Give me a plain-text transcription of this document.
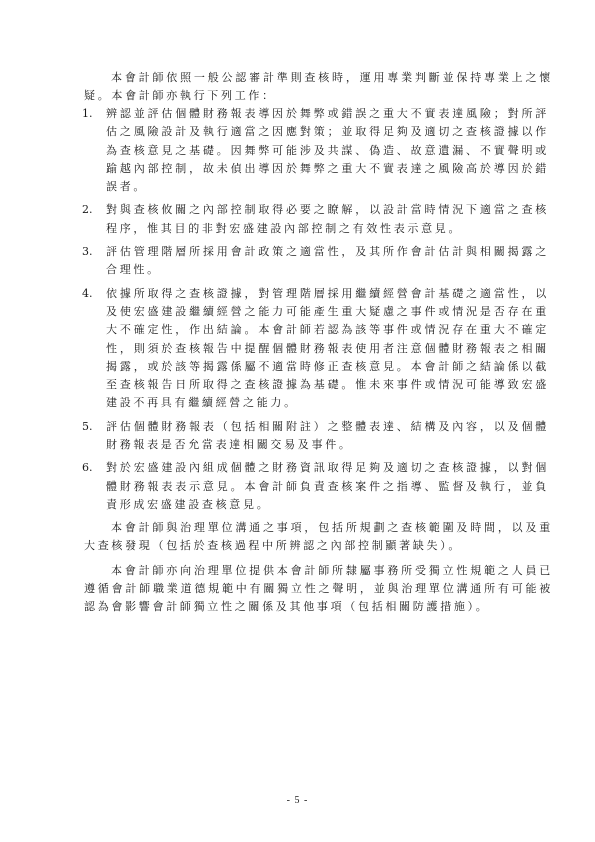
本會計師依照一般公認審計準則查核時，運用專業判斷並保持專業上之懷疑。本會計師亦執行下列工作：

1. 辨認並評估個體財務報表導因於舞弊或錯誤之重大不實表達風險；對所評估之風險設計及執行適當之因應對策；並取得足夠及適切之查核證據以作為查核意見之基礎。因舞弊可能涉及共謀、偽造、故意遺漏、不實聲明或踰越內部控制，故未偵出導因於舞弊之重大不實表達之風險高於導因於錯誤者。
2. 對與查核攸關之內部控制取得必要之瞭解，以設計當時情況下適當之查核程序，惟其目的非對宏盛建設內部控制之有效性表示意見。
3. 評估管理階層所採用會計政策之適當性，及其所作會計估計與相關揭露之合理性。
4. 依據所取得之查核證據，對管理階層採用繼續經營會計基礎之適當性，以及使宏盛建設繼續經營之能力可能產生重大疑慮之事件或情況是否存在重大不確定性，作出結論。本會計師若認為該等事件或情況存在重大不確定性，則須於查核報告中提醒個體財務報表使用者注意個體財務報表之相關揭露，或於該等揭露係屬不適當時修正查核意見。本會計師之結論係以截至查核報告日所取得之查核證據為基礎。惟未來事件或情況可能導致宏盛建設不再具有繼續經營之能力。
5. 評估個體財務報表（包括相關附註）之整體表達、結構及內容，以及個體財務報表是否允當表達相關交易及事件。
6. 對於宏盛建設內組成個體之財務資訊取得足夠及適切之查核證據，以對個體財務報表表示意見。本會計師負責查核案件之指導、監督及執行，並負責形成宏盛建設查核意見。

本會計師與治理單位溝通之事項，包括所規劃之查核範圍及時間，以及重大查核發現（包括於查核過程中所辨認之內部控制顯著缺失）。

本會計師亦向治理單位提供本會計師所隸屬事務所受獨立性規範之人員已遵循會計師職業道德規範中有關獨立性之聲明，並與治理單位溝通所有可能被認為會影響會計師獨立性之關係及其他事項（包括相關防護措施）。

- 5 -
